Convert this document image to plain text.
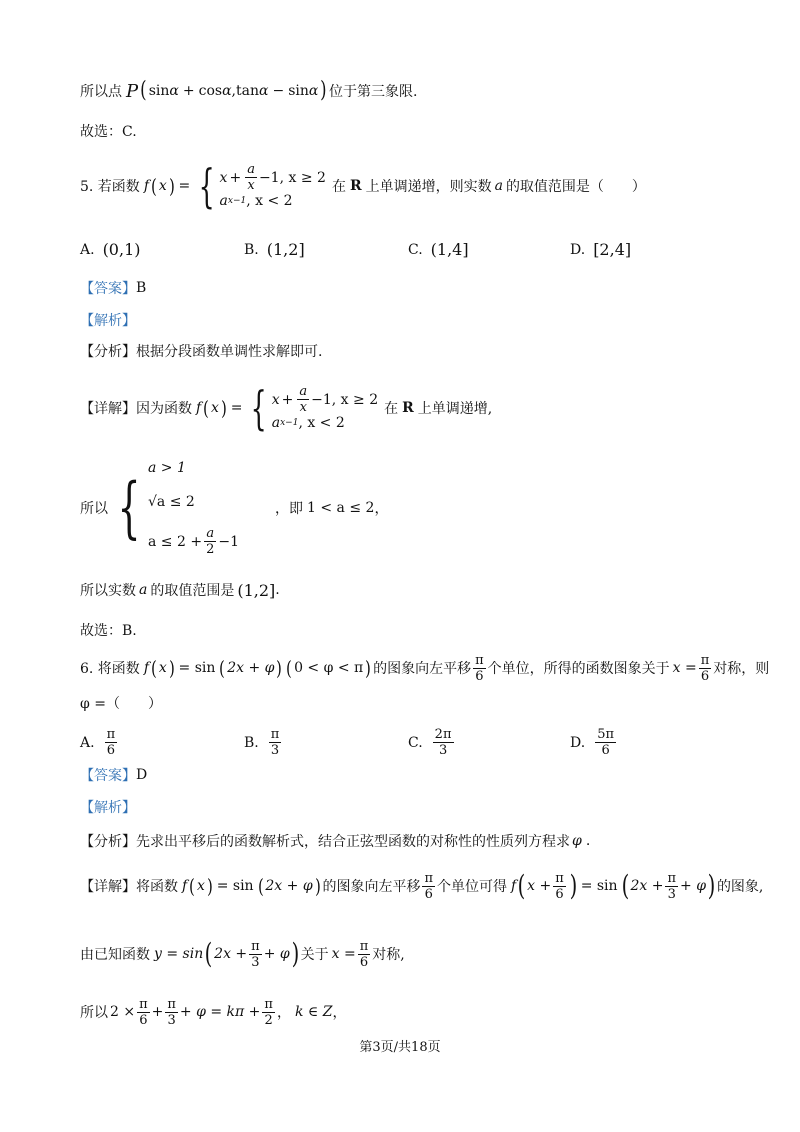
所以点 P ( sin α + cos α , tan α − sin α ) 位于第三象限.
故选：C.
5. 若函数 f ( x ) = { $x + \frac{a}{x} -1$, x ≥ 2
a x−1 , x < 2
在 R 上单调递增，则实数 a 的取值范围是（　　）
A. (0,1)	B. (1,2]	C. (1,4]	D. [2,4]
【答案】 B
【解析】
【分析】 根据分段函数单调性求解即可.
【详解】 因为函数 f ( x ) = { $x + \frac{a}{x} -1$, x ≥ 2
a x−1 , x < 2
在 R 上单调递增,
所以 {
a > 1
√a ≤ 2
$a \le 2 + \frac{a}{2} -1$
，即 1 < a ≤ 2 ，
所以实数 a 的取值范围是 (1,2] .
故选：B.
6. 将函数 f ( x ) = sin ( 2x + φ ) ( 0 < φ < π ) 的图象向左平移 $\frac{\pi}{6}$ 个单位，所得的函数图象关于 $x = \frac{\pi}{6}$ 对称，则
φ =（　　）
A. $\frac{\pi}{6}$	B. $\frac{\pi}{3}$	C. $\frac{2\pi}{3}$	D. $\frac{5\pi}{6}$
【答案】 D
【解析】
【分析】 先求出平移后的函数解析式，结合正弦型函数的对称性的性质列方程求 φ .
【详解】 将函数 f ( x ) = sin ( 2x + φ ) 的图象向左平移 $\frac{\pi}{6}$ 个单位可得 f ( $x + \frac{\pi}{6}$ ) = sin ( $2x + \frac{\pi}{3} + \varphi$ ) 的图象,
由已知函数 y = sin ( $2x + \frac{\pi}{3} + \varphi$ ) 关于 $x = \frac{\pi}{6}$ 对称,
所以 $2 \times \frac{\pi}{6} + \frac{\pi}{3} + \varphi = k\pi + \frac{\pi}{2}$ ， k ∈ Z ，
第3页/共18页
